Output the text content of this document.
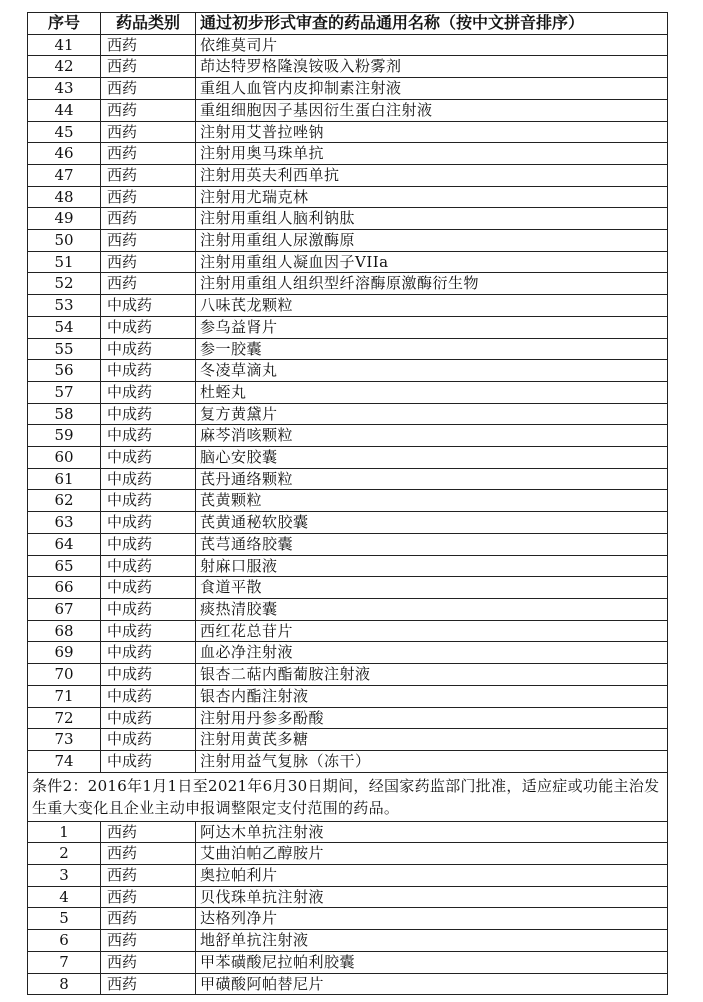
序号	药品类别	通过初步形式审查的药品通用名称（按中文拼音排序）
41	西药	依维莫司片
42	西药	茚达特罗格隆溴铵吸入粉雾剂
43	西药	重组人血管内皮抑制素注射液
44	西药	重组细胞因子基因衍生蛋白注射液
45	西药	注射用艾普拉唑钠
46	西药	注射用奥马珠单抗
47	西药	注射用英夫利西单抗
48	西药	注射用尤瑞克林
49	西药	注射用重组人脑利钠肽
50	西药	注射用重组人尿激酶原
51	西药	注射用重组人凝血因子VIIa
52	西药	注射用重组人组织型纤溶酶原激酶衍生物
53	中成药	八味芪龙颗粒
54	中成药	参乌益肾片
55	中成药	参一胶囊
56	中成药	冬凌草滴丸
57	中成药	杜蛭丸
58	中成药	复方黄黛片
59	中成药	麻芩消咳颗粒
60	中成药	脑心安胶囊
61	中成药	芪丹通络颗粒
62	中成药	芪黄颗粒
63	中成药	芪黄通秘软胶囊
64	中成药	芪芎通络胶囊
65	中成药	射麻口服液
66	中成药	食道平散
67	中成药	痰热清胶囊
68	中成药	西红花总苷片
69	中成药	血必净注射液
70	中成药	银杏二萜内酯葡胺注射液
71	中成药	银杏内酯注射液
72	中成药	注射用丹参多酚酸
73	中成药	注射用黄芪多糖
74	中成药	注射用益气复脉（冻干）
条件2：2016年1月1日至2021年6月30日期间，经国家药监部门批准，适应症或功能主治发生重大变化且企业主动申报调整限定支付范围的药品。		
1	西药	阿达木单抗注射液
2	西药	艾曲泊帕乙醇胺片
3	西药	奥拉帕利片
4	西药	贝伐珠单抗注射液
5	西药	达格列净片
6	西药	地舒单抗注射液
7	西药	甲苯磺酸尼拉帕利胶囊
8	西药	甲磺酸阿帕替尼片
